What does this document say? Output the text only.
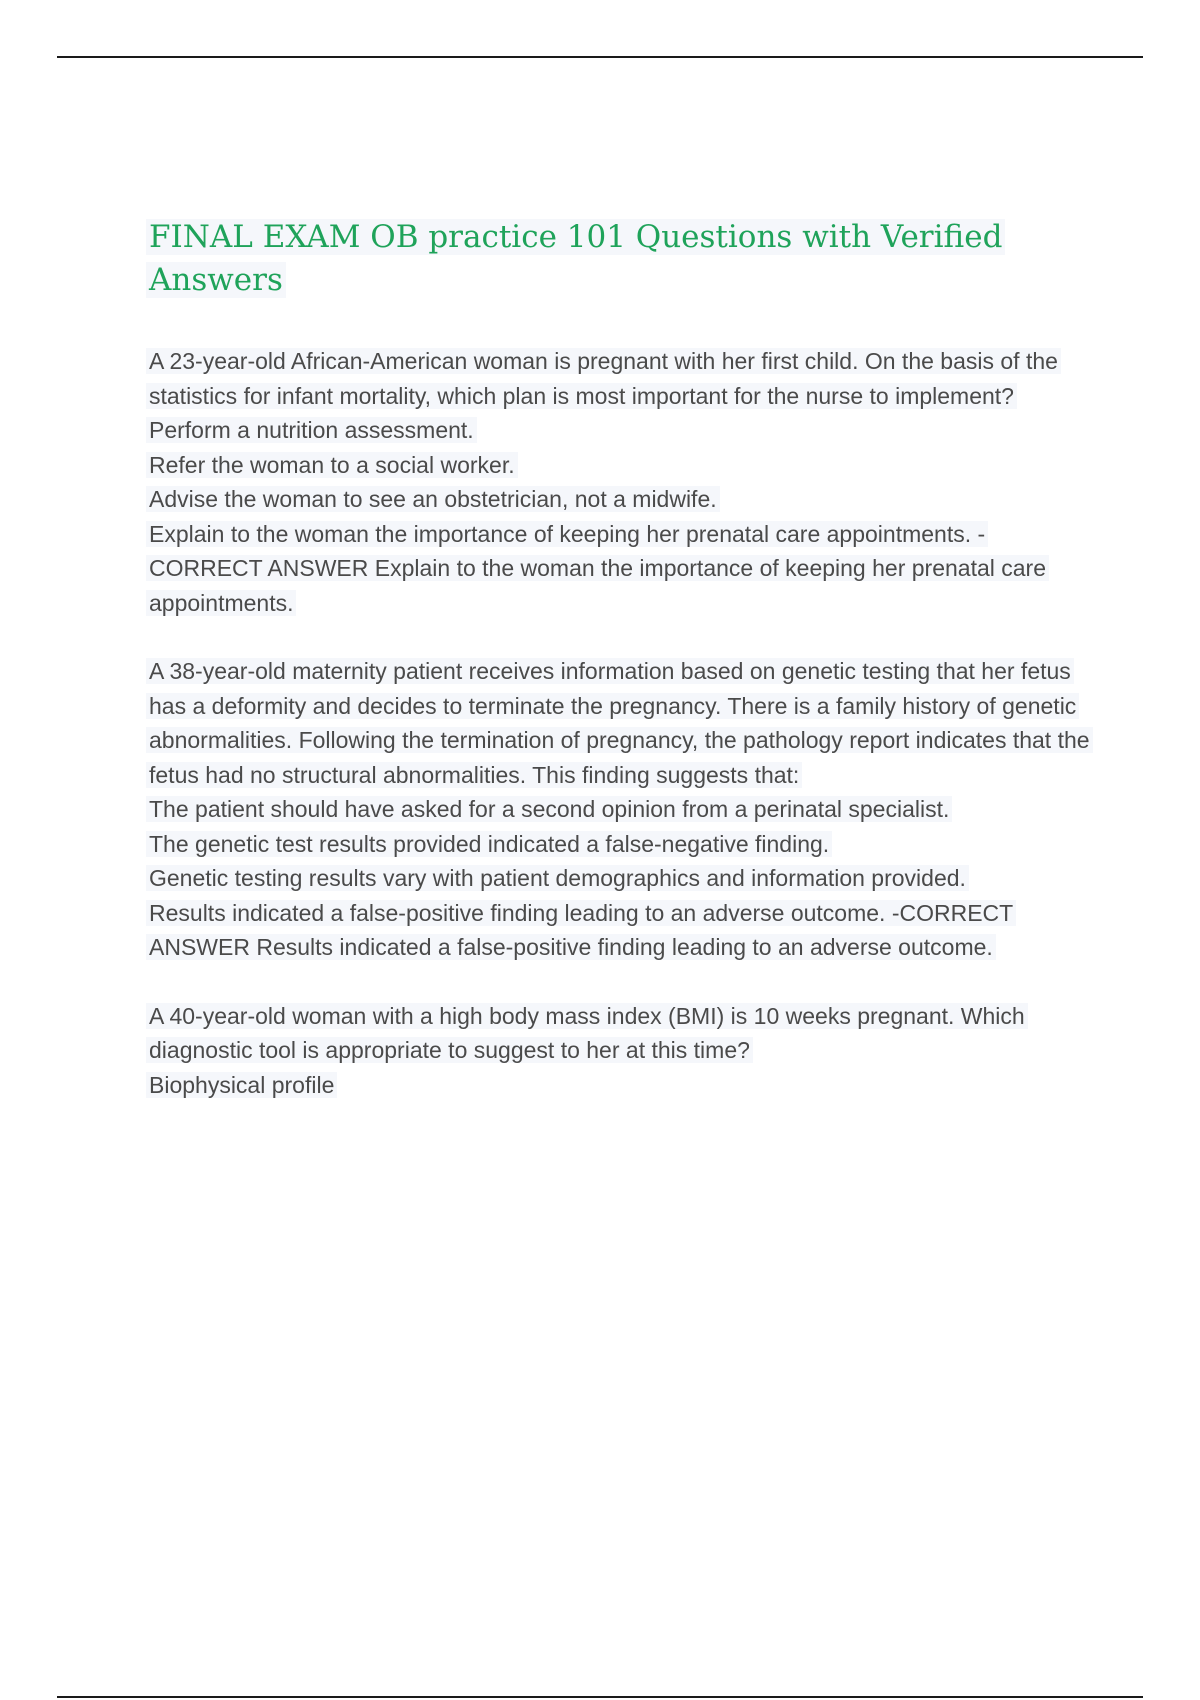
FINAL EXAM OB practice 101 Questions with Verified Answers

A 23-year-old African-American woman is pregnant with her first child. On the basis of the statistics for infant mortality, which plan is most important for the nurse to implement?

Perform a nutrition assessment.

Refer the woman to a social worker.

Advise the woman to see an obstetrician, not a midwife.

Explain to the woman the importance of keeping her prenatal care appointments. -CORRECT ANSWER Explain to the woman the importance of keeping her prenatal care appointments.

A 38-year-old maternity patient receives information based on genetic testing that her fetus has a deformity and decides to terminate the pregnancy. There is a family history of genetic abnormalities. Following the termination of pregnancy, the pathology report indicates that the fetus had no structural abnormalities. This finding suggests that:

The patient should have asked for a second opinion from a perinatal specialist.

The genetic test results provided indicated a false-negative finding.

Genetic testing results vary with patient demographics and information provided.

Results indicated a false-positive finding leading to an adverse outcome. -CORRECT ANSWER Results indicated a false-positive finding leading to an adverse outcome.

A 40-year-old woman with a high body mass index (BMI) is 10 weeks pregnant. Which diagnostic tool is appropriate to suggest to her at this time?

Biophysical profile
